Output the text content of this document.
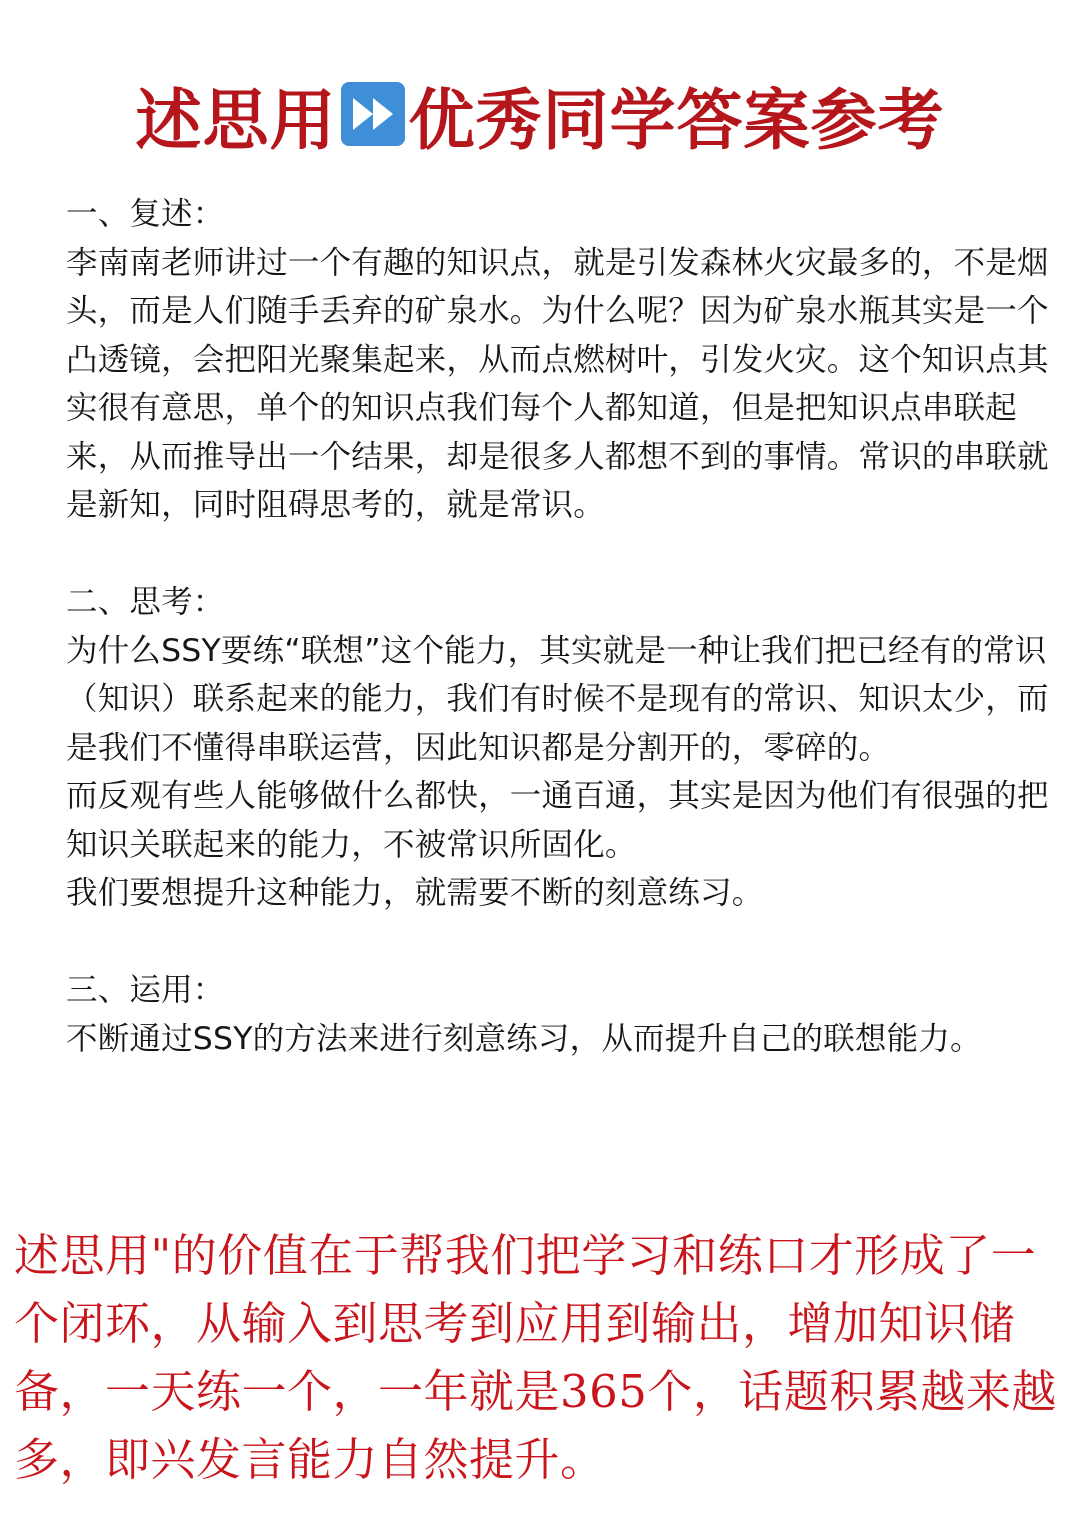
述思用 优秀同学答案参考

一、复述：

李南南老师讲过一个有趣的知识点，就是引发森林火灾最多的，不是烟头，而是人们随手丢弃的矿泉水。为什么呢？因为矿泉水瓶其实是一个凸透镜，会把阳光聚集起来，从而点燃树叶，引发火灾。这个知识点其实很有意思，单个的知识点我们每个人都知道，但是把知识点串联起来，从而推导出一个结果，却是很多人都想不到的事情。常识的串联就是新知，同时阻碍思考的，就是常识。

二、思考：

为什么SSY要练“联想”这个能力，其实就是一种让我们把已经有的常识（知识）联系起来的能力，我们有时候不是现有的常识、知识太少，而是我们不懂得串联运营，因此知识都是分割开的，零碎的。

而反观有些人能够做什么都快，一通百通，其实是因为他们有很强的把知识关联起来的能力，不被常识所固化。

我们要想提升这种能力，就需要不断的刻意练习。

三、运用：

不断通过SSY的方法来进行刻意练习，从而提升自己的联想能力。

述思用"的价值在于帮我们把学习和练口才形成了一个闭环，从输入到思考到应用到输出，增加知识储备，一天练一个，一年就是365个，话题积累越来越多，即兴发言能力自然提升。
